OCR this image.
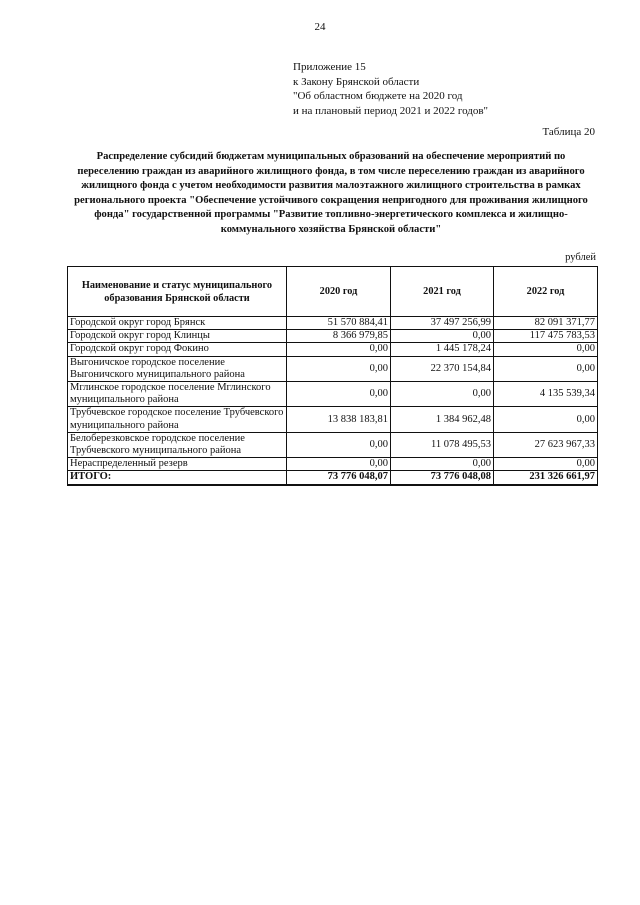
24
Приложение 15
к Закону Брянской области
"Об областном бюджете на 2020 год
и на плановый период 2021 и 2022 годов"
Таблица 20
Распределение субсидий бюджетам муниципальных образований на обеспечение мероприятий по переселению граждан из аварийного жилищного фонда, в том числе переселению граждан из аварийного жилищного фонда с учетом необходимости развития малоэтажного жилищного строительства в рамках регионального проекта "Обеспечение устойчивого сокращения непригодного для проживания жилищного фонда" государственной программы "Развитие топливно-энергетического комплекса и жилищно-коммунального хозяйства Брянской области"
рублей
Наименование и статус муниципального образования Брянской области	2020 год	2021 год	2022 год
Городской округ город Брянск	51 570 884,41	37 497 256,99	82 091 371,77
Городской округ город Клинцы	8 366 979,85	0,00	117 475 783,53
Городской округ город Фокино	0,00	1 445 178,24	0,00
Выгоничское городское поселение Выгоничского муниципального района	0,00	22 370 154,84	0,00
Мглинское городское поселение Мглинского муниципального района	0,00	0,00	4 135 539,34
Трубчевское городское поселение Трубчевского муниципального района	13 838 183,81	1 384 962,48	0,00
Белоберезковское городское поселение Трубчевского муниципального района	0,00	11 078 495,53	27 623 967,33
Нераспределенный резерв	0,00	0,00	0,00
ИТОГО:	73 776 048,07	73 776 048,08	231 326 661,97
